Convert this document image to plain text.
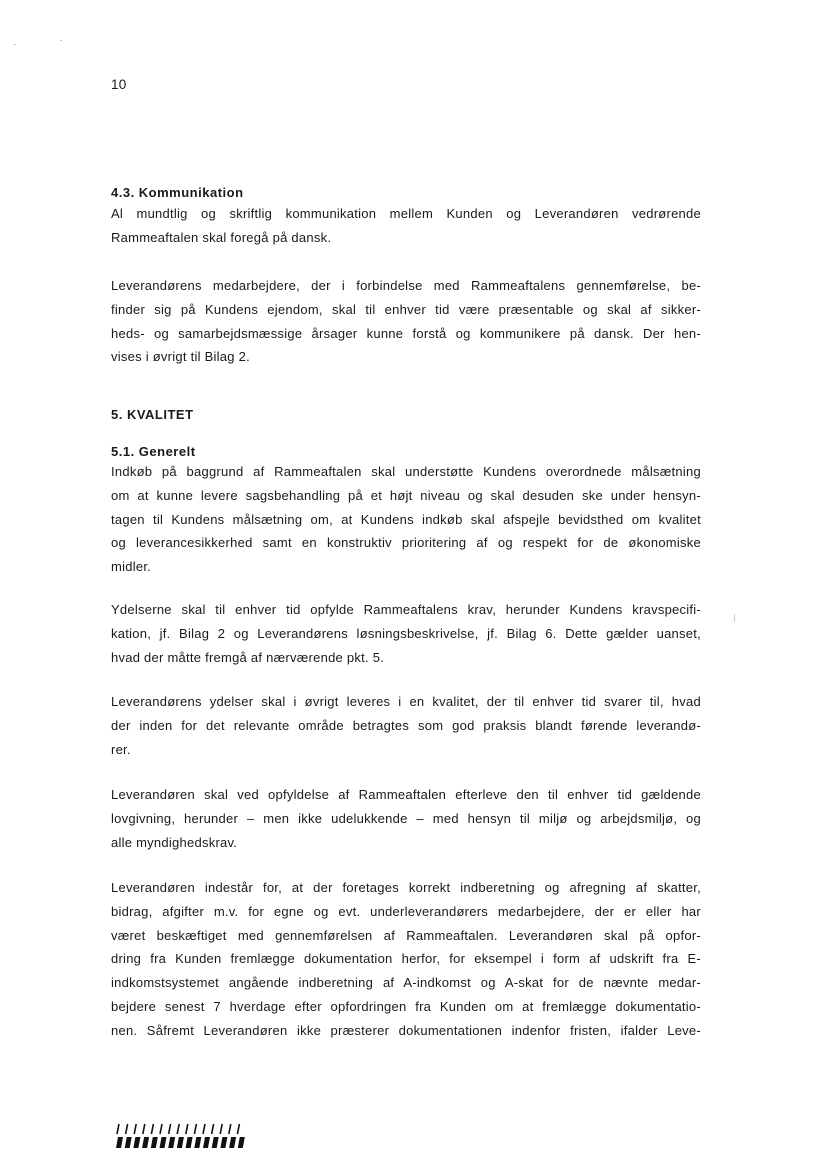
10
4.3. Kommunikation
Al mundtlig og skriftlig kommunikation mellem Kunden og Leverandøren vedrørende
Rammeaftalen skal foregå på dansk.
Leverandørens medarbejdere, der i forbindelse med Rammeaftalens gennemførelse, be-
finder sig på Kundens ejendom, skal til enhver tid være præsentable og skal af sikker-
heds- og samarbejdsmæssige årsager kunne forstå og kommunikere på dansk. Der hen-
vises i øvrigt til Bilag 2.
5. KVALITET
5.1. Generelt
Indkøb på baggrund af Rammeaftalen skal understøtte Kundens overordnede målsætning
om at kunne levere sagsbehandling på et højt niveau og skal desuden ske under hensyn-
tagen til Kundens målsætning om, at Kundens indkøb skal afspejle bevidsthed om kvalitet
og leverancesikkerhed samt en konstruktiv prioritering af og respekt for de økonomiske
midler.
Ydelserne skal til enhver tid opfylde Rammeaftalens krav, herunder Kundens kravspecifi-
kation, jf. Bilag 2 og Leverandørens løsningsbeskrivelse, jf. Bilag 6. Dette gælder uanset,
hvad der måtte fremgå af nærværende pkt. 5.
Leverandørens ydelser skal i øvrigt leveres i en kvalitet, der til enhver tid svarer til, hvad
der inden for det relevante område betragtes som god praksis blandt førende leverandø-
rer.
Leverandøren skal ved opfyldelse af Rammeaftalen efterleve den til enhver tid gældende
lovgivning, herunder – men ikke udelukkende – med hensyn til miljø og arbejdsmiljø, og
alle myndighedskrav.
Leverandøren indestår for, at der foretages korrekt indberetning og afregning af skatter,
bidrag, afgifter m.v. for egne og evt. underleverandørers medarbejdere, der er eller har
været beskæftiget med gennemførelsen af Rammeaftalen. Leverandøren skal på opfor-
dring fra Kunden fremlægge dokumentation herfor, for eksempel i form af udskrift fra E-
indkomstsystemet angående indberetning af A-indkomst og A-skat for de nævnte medar-
bejdere senest 7 hverdage efter opfordringen fra Kunden om at fremlægge dokumentatio-
nen. Såfremt Leverandøren ikke præsterer dokumentationen indenfor fristen, ifalder Leve-
